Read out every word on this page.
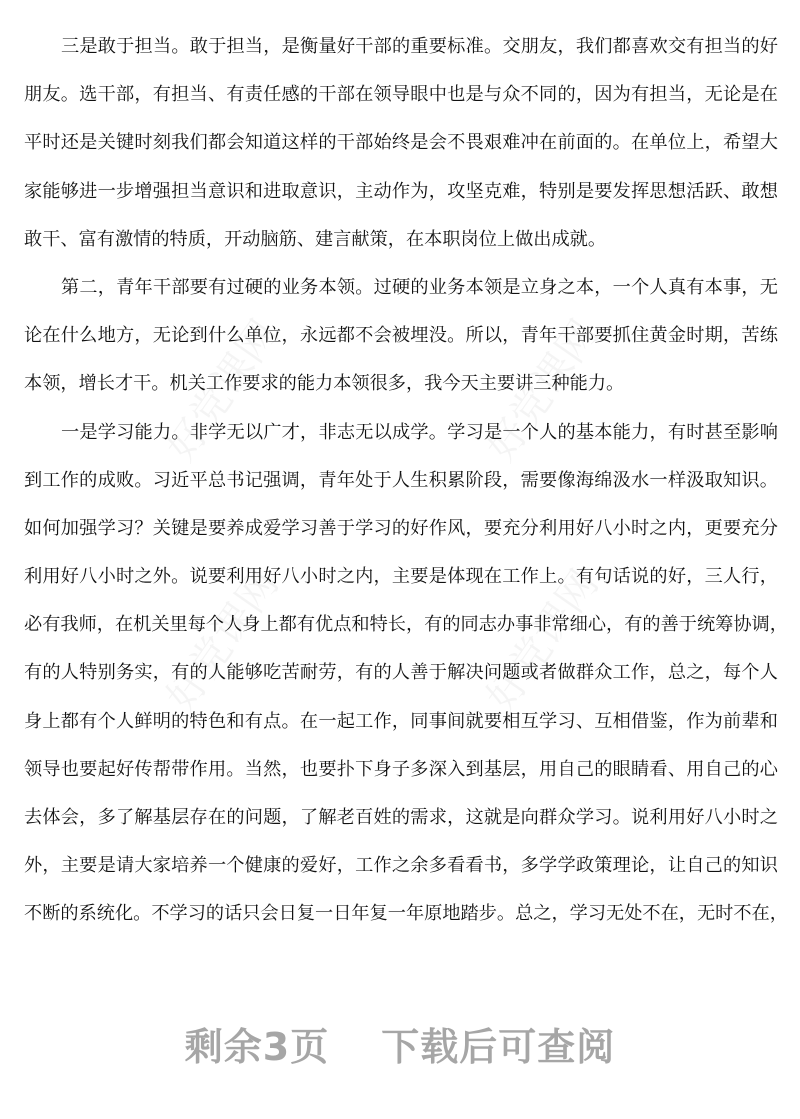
三是敢于担当。敢于担当，是衡量好干部的重要标准。交朋友，我们都喜欢交有担当的好
朋友。选干部，有担当、有责任感的干部在领导眼中也是与众不同的，因为有担当，无论是在
平时还是关键时刻我们都会知道这样的干部始终是会不畏艰难冲在前面的。在单位上，希望大
家能够进一步增强担当意识和进取意识，主动作为，攻坚克难，特别是要发挥思想活跃、敢想
敢干、富有激情的特质，开动脑筋、建言献策，在本职岗位上做出成就。
第二，青年干部要有过硬的业务本领。过硬的业务本领是立身之本，一个人真有本事，无
论在什么地方，无论到什么单位，永远都不会被埋没。所以，青年干部要抓住黄金时期，苦练
本领，增长才干。机关工作要求的能力本领很多，我今天主要讲三种能力。
一是学习能力。非学无以广才，非志无以成学。学习是一个人的基本能力，有时甚至影响
到工作的成败。习近平总书记强调，青年处于人生积累阶段，需要像海绵汲水一样汲取知识。
如何加强学习？关键是要养成爱学习善于学习的好作风，要充分利用好八小时之内，更要充分
利用好八小时之外。说要利用好八小时之内，主要是体现在工作上。有句话说的好，三人行，
必有我师，在机关里每个人身上都有优点和特长，有的同志办事非常细心，有的善于统筹协调，
有的人特别务实，有的人能够吃苦耐劳，有的人善于解决问题或者做群众工作，总之，每个人
身上都有个人鲜明的特色和有点。在一起工作，同事间就要相互学习、互相借鉴，作为前辈和
领导也要起好传帮带作用。当然，也要扑下身子多深入到基层，用自己的眼睛看、用自己的心
去体会，多了解基层存在的问题，了解老百姓的需求，这就是向群众学习。说利用好八小时之
外，主要是请大家培养一个健康的爱好，工作之余多看看书，多学学政策理论，让自己的知识
不断的系统化。不学习的话只会日复一日年复一年原地踏步。总之，学习无处不在，无时不在，
剩余3页 下载后可查阅
